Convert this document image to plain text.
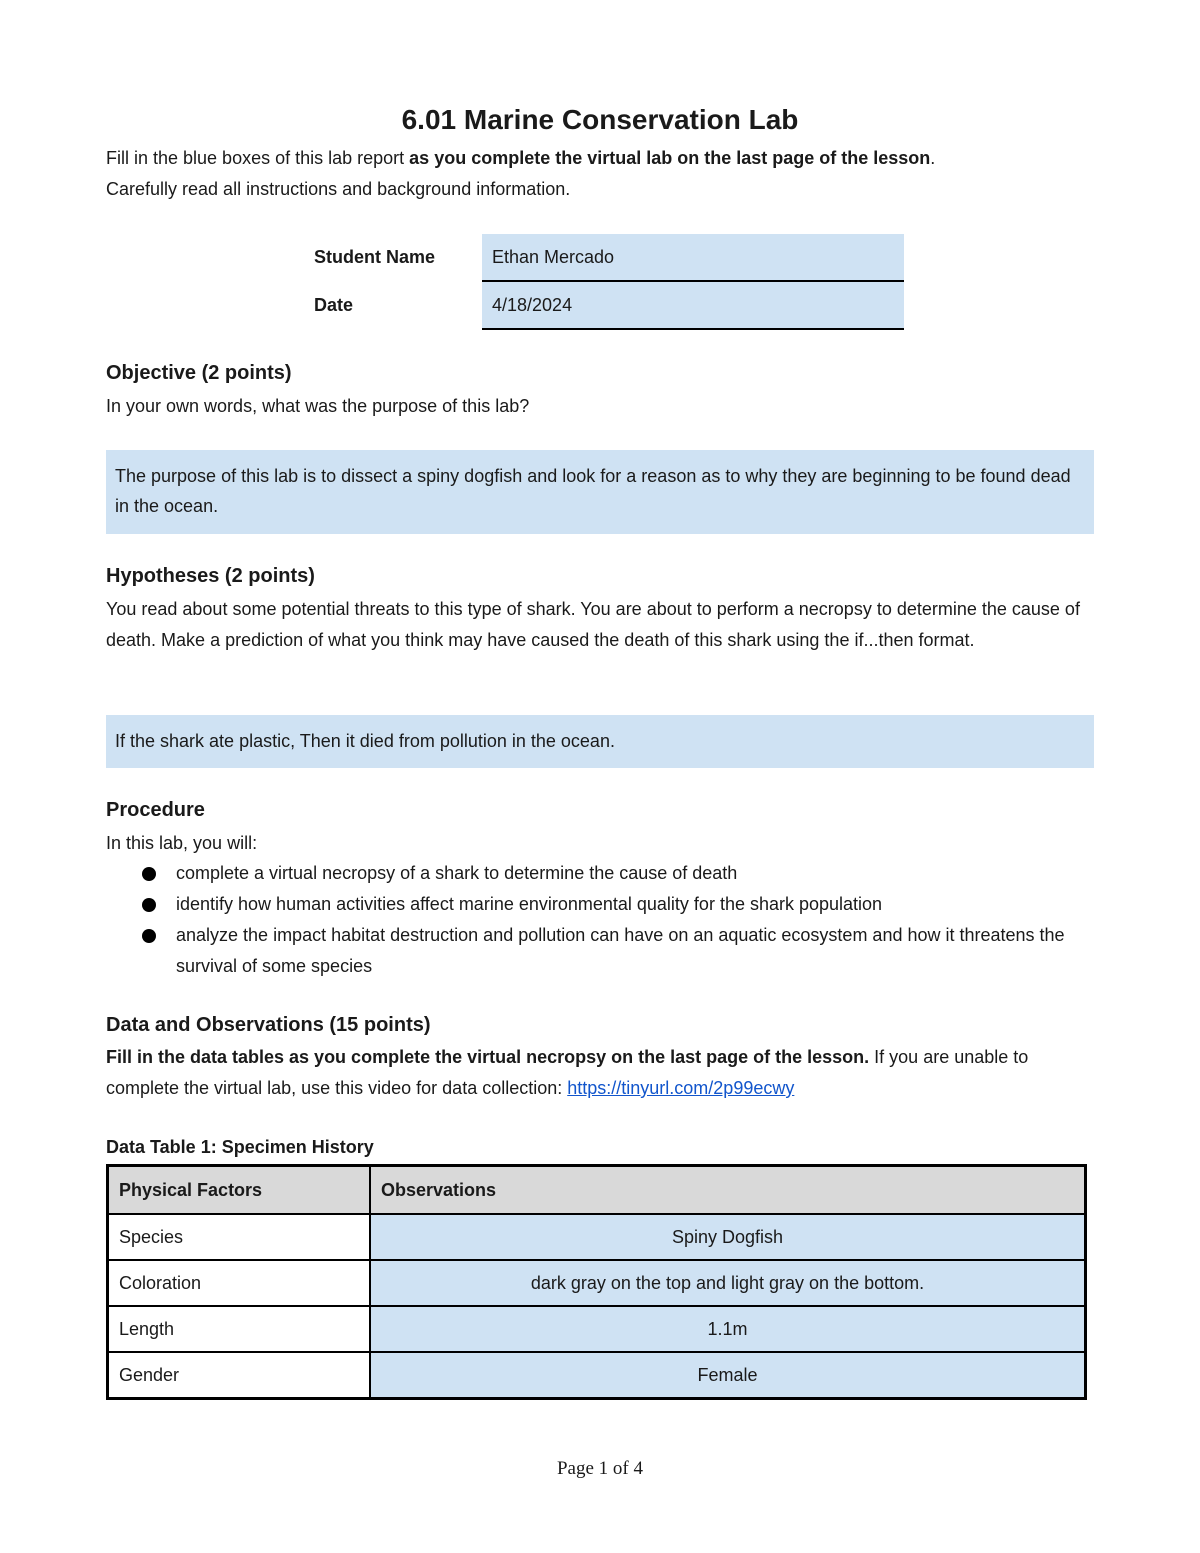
6.01 Marine Conservation Lab

Fill in the blue boxes of this lab report as you complete the virtual lab on the last page of the lesson.
Carefully read all instructions and background information.

Student Name	Ethan Mercado
Date	4/18/2024
Objective (2 points)

In your own words, what was the purpose of this lab?

The purpose of this lab is to dissect a spiny dogfish and look for a reason as to why they are beginning to be found dead in the ocean.
Hypotheses (2 points)

You read about some potential threats to this type of shark. You are about to perform a necropsy to determine the cause of death. Make a prediction of what you think may have caused the death of this shark using the if...then format.

If the shark ate plastic, Then it died from pollution in the ocean.
Procedure

In this lab, you will:

complete a virtual necropsy of a shark to determine the cause of death
identify how human activities affect marine environmental quality for the shark population
analyze the impact habitat destruction and pollution can have on an aquatic ecosystem and how it threatens the survival of some species
Data and Observations (15 points)

Fill in the data tables as you complete the virtual necropsy on the last page of the lesson. If you are unable to complete the virtual lab, use this video for data collection: https://tinyurl.com/2p99ecwy

Data Table 1: Specimen History

Physical Factors	Observations
Species	Spiny Dogfish
Coloration	dark gray on the top and light gray on the bottom.
Length	1.1m
Gender	Female
Page 1 of 4
